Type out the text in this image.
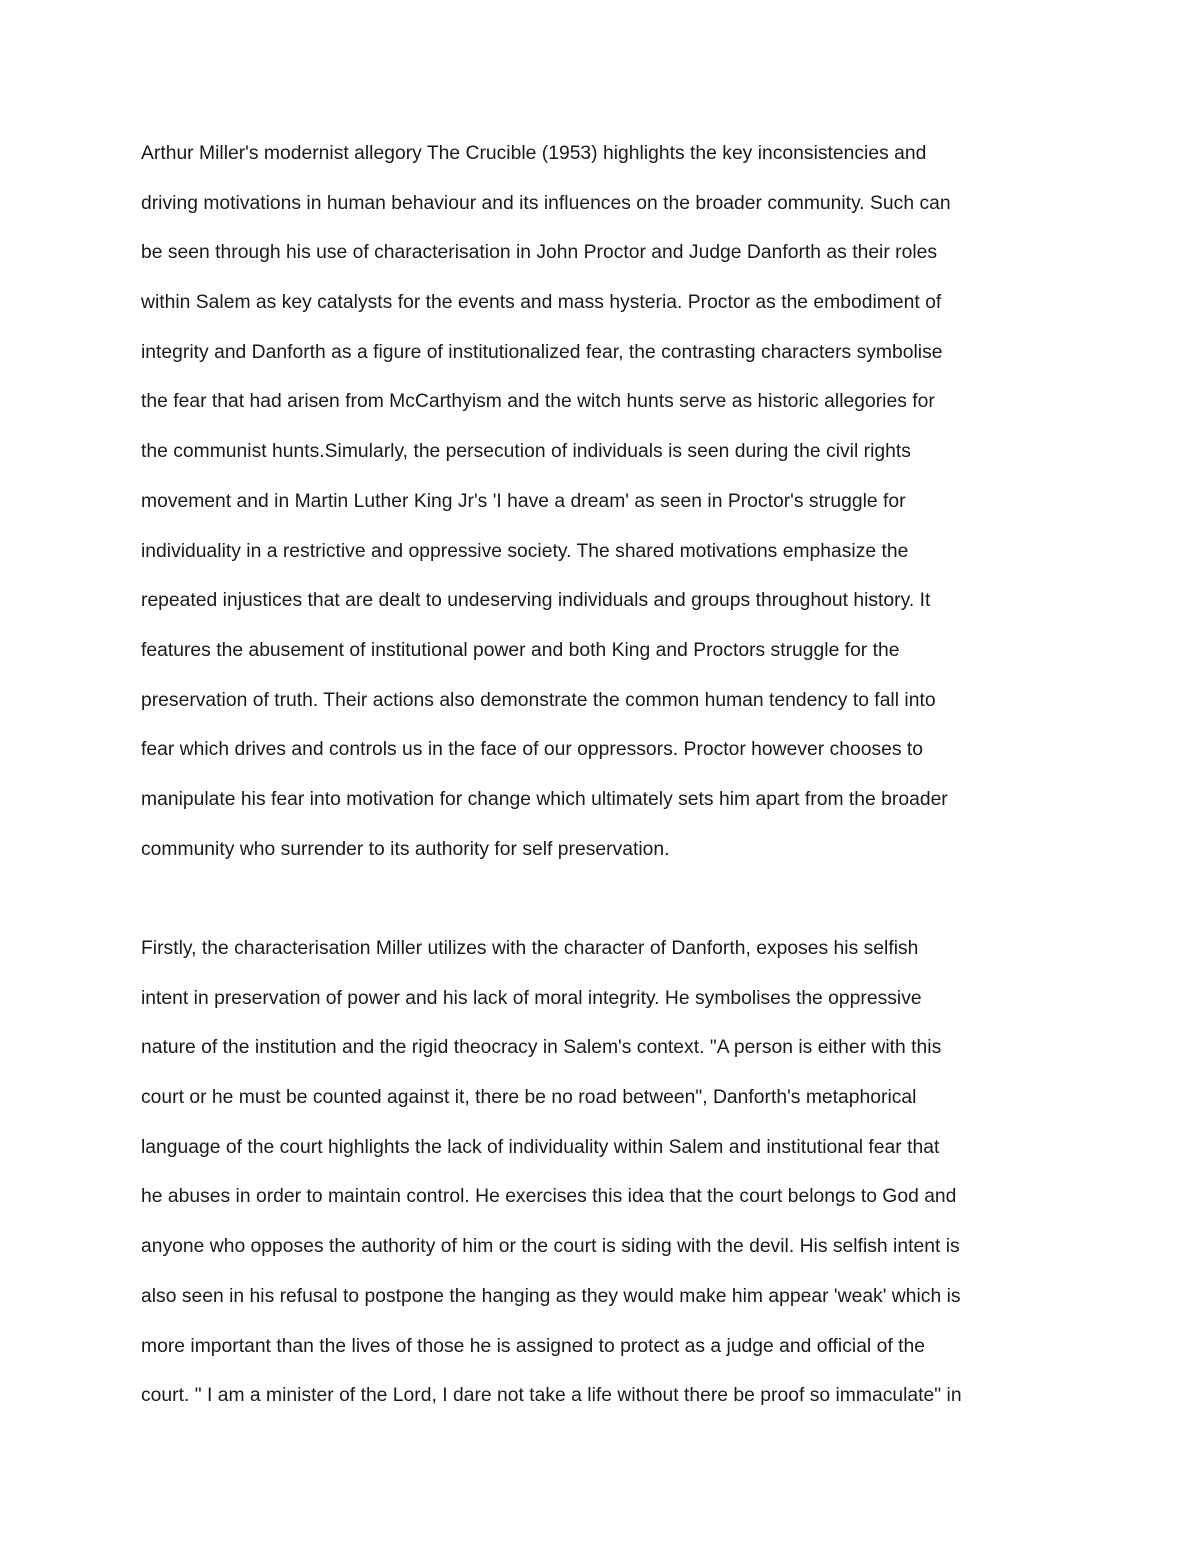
Arthur Miller's modernist allegory The Crucible (1953) highlights the key inconsistencies and
driving motivations in human behaviour and its influences on the broader community. Such can
be seen through his use of characterisation in John Proctor and Judge Danforth as their roles
within Salem as key catalysts for the events and mass hysteria. Proctor as the embodiment of
integrity and Danforth as a figure of institutionalized fear, the contrasting characters symbolise
the fear that had arisen from McCarthyism and the witch hunts serve as historic allegories for
the communist hunts.Simularly, the persecution of individuals is seen during the civil rights
movement and in Martin Luther King Jr's 'I have a dream' as seen in Proctor's struggle for
individuality in a restrictive and oppressive society. The shared motivations emphasize the
repeated injustices that are dealt to undeserving individuals and groups throughout history. It
features the abusement of institutional power and both King and Proctors struggle for the
preservation of truth. Their actions also demonstrate the common human tendency to fall into
fear which drives and controls us in the face of our oppressors. Proctor however chooses to
manipulate his fear into motivation for change which ultimately sets him apart from the broader
community who surrender to its authority for self preservation.
Firstly, the characterisation Miller utilizes with the character of Danforth, exposes his selfish
intent in preservation of power and his lack of moral integrity. He symbolises the oppressive
nature of the institution and the rigid theocracy in Salem's context. "A person is either with this
court or he must be counted against it, there be no road between", Danforth's metaphorical
language of the court highlights the lack of individuality within Salem and institutional fear that
he abuses in order to maintain control. He exercises this idea that the court belongs to God and
anyone who opposes the authority of him or the court is siding with the devil. His selfish intent is
also seen in his refusal to postpone the hanging as they would make him appear 'weak' which is
more important than the lives of those he is assigned to protect as a judge and official of the
court. " I am a minister of the Lord, I dare not take a life without there be proof so immaculate" in
